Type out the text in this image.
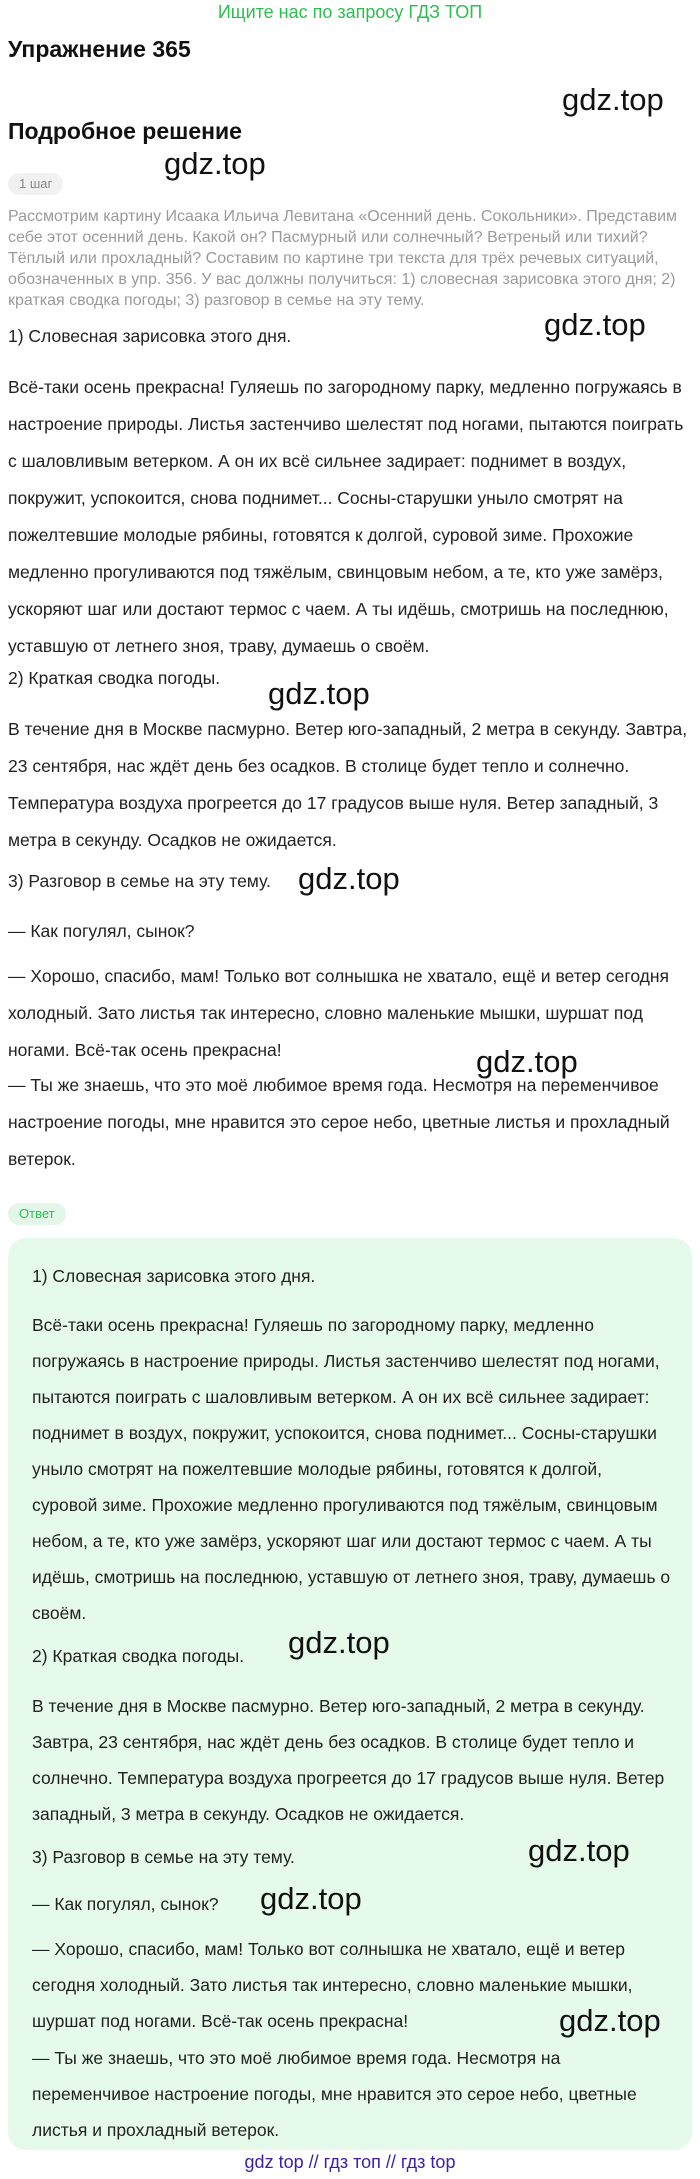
Ищите нас по запросу ГДЗ ТОП
Упражнение 365
Подробное решение
1 шаг
Рассмотрим картину Исаака Ильича Левитана «Осенний день. Сокольники». Представим себе этот осенний день. Какой он? Пасмурный или солнечный? Ветреный или тихий? Тёплый или прохладный? Составим по картине три текста для трёх речевых ситуаций, обозначенных в упр. 356. У вас должны получиться: 1) словесная зарисовка этого дня; 2) краткая сводка погоды; 3) разговор в семье на эту тему.

1) Словесная зарисовка этого дня.

Всё-таки осень прекрасна! Гуляешь по загородному парку, медленно погружаясь в настроение природы. Листья застенчиво шелестят под ногами, пытаются поиграть с шаловливым ветерком. А он их всё сильнее задирает: поднимет в воздух, покружит, успокоится, снова поднимет... Сосны-старушки уныло смотрят на пожелтевшие молодые рябины, готовятся к долгой, суровой зиме. Прохожие медленно прогуливаются под тяжёлым, свинцовым небом, а те, кто уже замёрз, ускоряют шаг или достают термос с чаем. А ты идёшь, смотришь на последнюю, уставшую от летнего зноя, траву, думаешь о своём.

2) Краткая сводка погоды.

В течение дня в Москве пасмурно. Ветер юго-западный, 2 метра в секунду. Завтра, 23 сентября, нас ждёт день без осадков. В столице будет тепло и солнечно. Температура воздуха прогреется до 17 градусов выше нуля. Ветер западный, 3 метра в секунду. Осадков не ожидается.

3) Разговор в семье на эту тему.

— Как погулял, сынок?

— Хорошо, спасибо, мам! Только вот солнышка не хватало, ещё и ветер сегодня холодный. Зато листья так интересно, словно маленькие мышки, шуршат под ногами. Всё-так осень прекрасна!

— Ты же знаешь, что это моё любимое время года. Несмотря на переменчивое настроение погоды, мне нравится это серое небо, цветные листья и прохладный ветерок.

Ответ

1) Словесная зарисовка этого дня.

Всё-таки осень прекрасна! Гуляешь по загородному парку, медленно погружаясь в настроение природы. Листья застенчиво шелестят под ногами, пытаются поиграть с шаловливым ветерком. А он их всё сильнее задирает: поднимет в воздух, покружит, успокоится, снова поднимет... Сосны-старушки уныло смотрят на пожелтевшие молодые рябины, готовятся к долгой, суровой зиме. Прохожие медленно прогуливаются под тяжёлым, свинцовым небом, а те, кто уже замёрз, ускоряют шаг или достают термос с чаем. А ты идёшь, смотришь на последнюю, уставшую от летнего зноя, траву, думаешь о своём.

2) Краткая сводка погоды.

В течение дня в Москве пасмурно. Ветер юго-западный, 2 метра в секунду. Завтра, 23 сентября, нас ждёт день без осадков. В столице будет тепло и солнечно. Температура воздуха прогреется до 17 градусов выше нуля. Ветер западный, 3 метра в секунду. Осадков не ожидается.

3) Разговор в семье на эту тему.

— Как погулял, сынок?

— Хорошо, спасибо, мам! Только вот солнышка не хватало, ещё и ветер сегодня холодный. Зато листья так интересно, словно маленькие мышки, шуршат под ногами. Всё-так осень прекрасна!

— Ты же знаешь, что это моё любимое время года. Несмотря на переменчивое настроение погоды, мне нравится это серое небо, цветные листья и прохладный ветерок.

gdz.top
gdz.top
gdz.top
gdz.top
gdz.top
gdz.top
gdz.top
gdz.top
gdz.top
gdz.top
gdz top // гдз топ // гдз top
